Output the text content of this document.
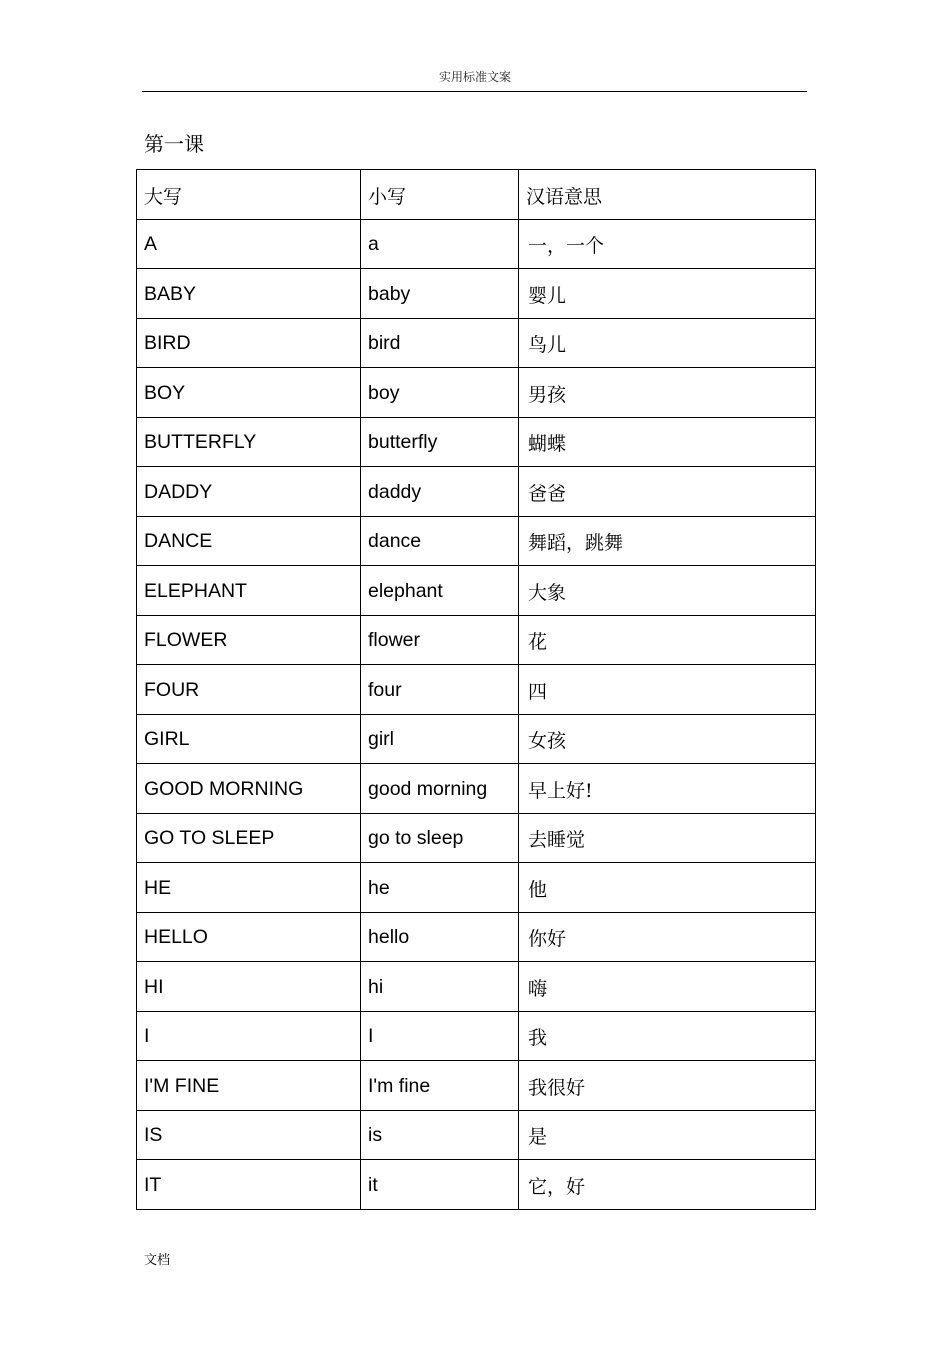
实用标准文案
第一课
大写	小写	汉语意思
A	a	一，一个
BABY	baby	婴儿
BIRD	bird	鸟儿
BOY	boy	男孩
BUTTERFLY	butterfly	蝴蝶
DADDY	daddy	爸爸
DANCE	dance	舞蹈，跳舞
ELEPHANT	elephant	大象
FLOWER	flower	花
FOUR	four	四
GIRL	girl	女孩
GOOD MORNING	good morning	早上好!
GO TO SLEEP	go to sleep	去睡觉
HE	he	他
HELLO	hello	你好
HI	hi	嗨
I	I	我
I'M FINE	I'm fine	我很好
IS	is	是
IT	it	它，好
文档
